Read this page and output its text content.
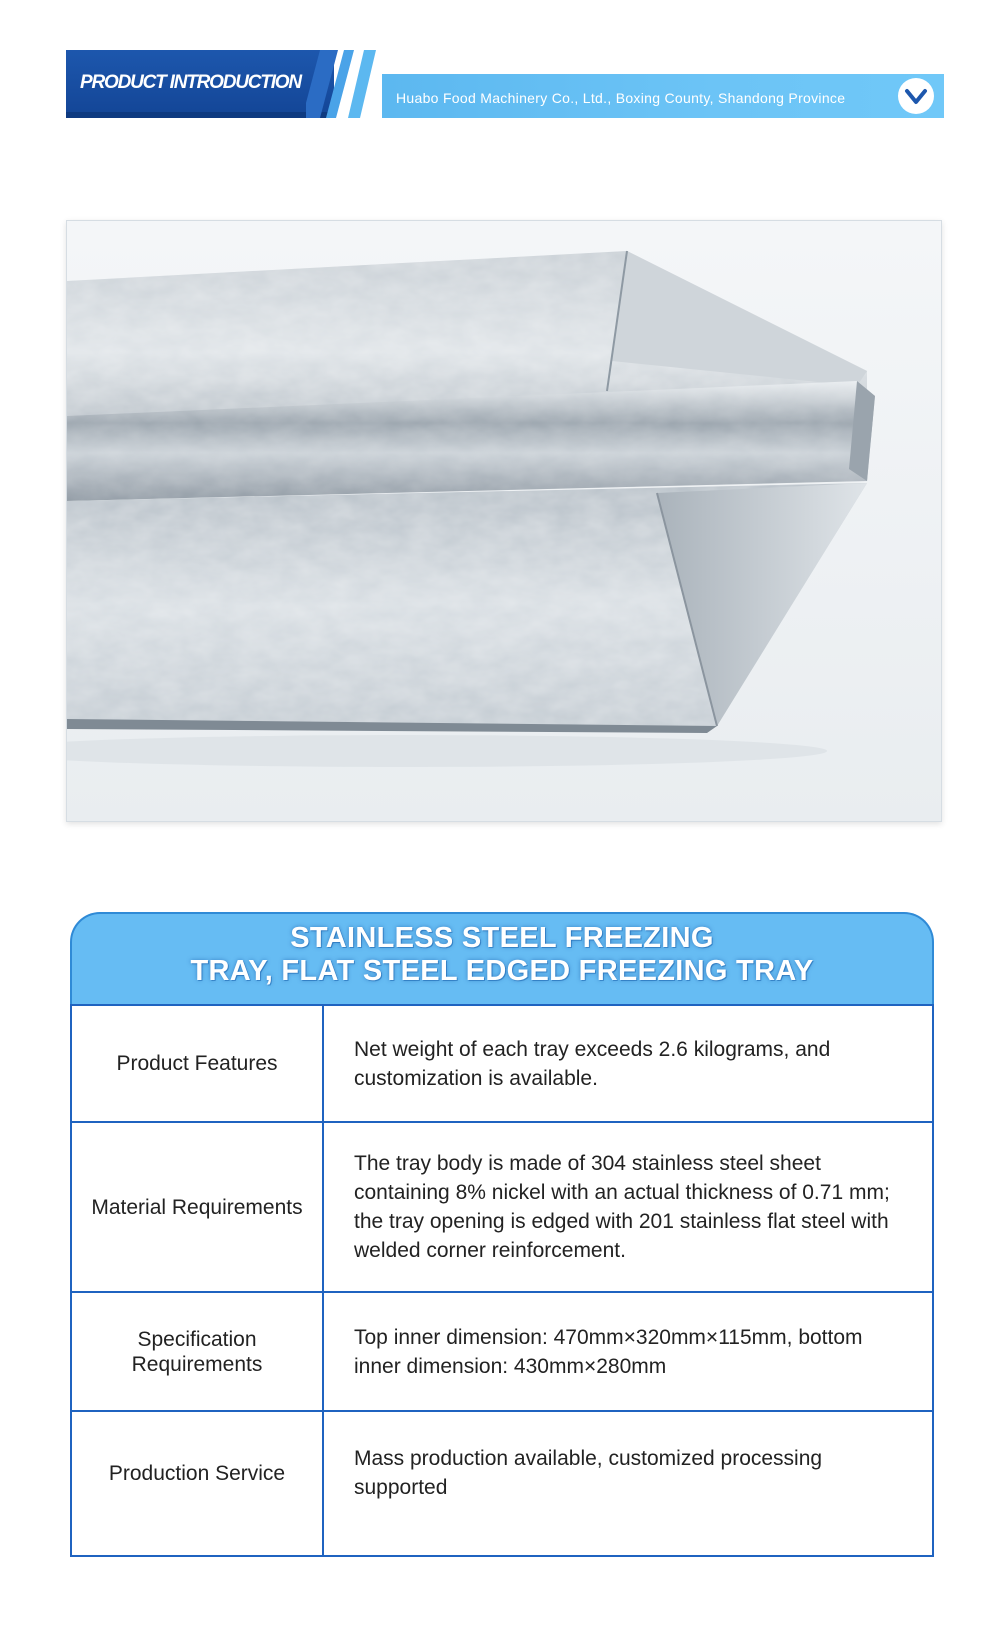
PRODUCT INTRODUCTION
Huabo Food Machinery Co., Ltd., Boxing County, Shandong Province
STAINLESS STEEL FREEZING
TRAY, FLAT STEEL EDGED FREEZING TRAY
Product Features
Net weight of each tray exceeds 2.6 kilograms, and customization is available.
Material Requirements
The tray body is made of 304 stainless steel sheet containing 8% nickel with an actual thickness of 0.71 mm; the tray opening is edged with 201 stainless flat steel with welded corner reinforcement.
Specification Requirements
Top inner dimension: 470mm×320mm×115mm, bottom inner dimension: 430mm×280mm
Production Service
Mass production available, customized processing supported
